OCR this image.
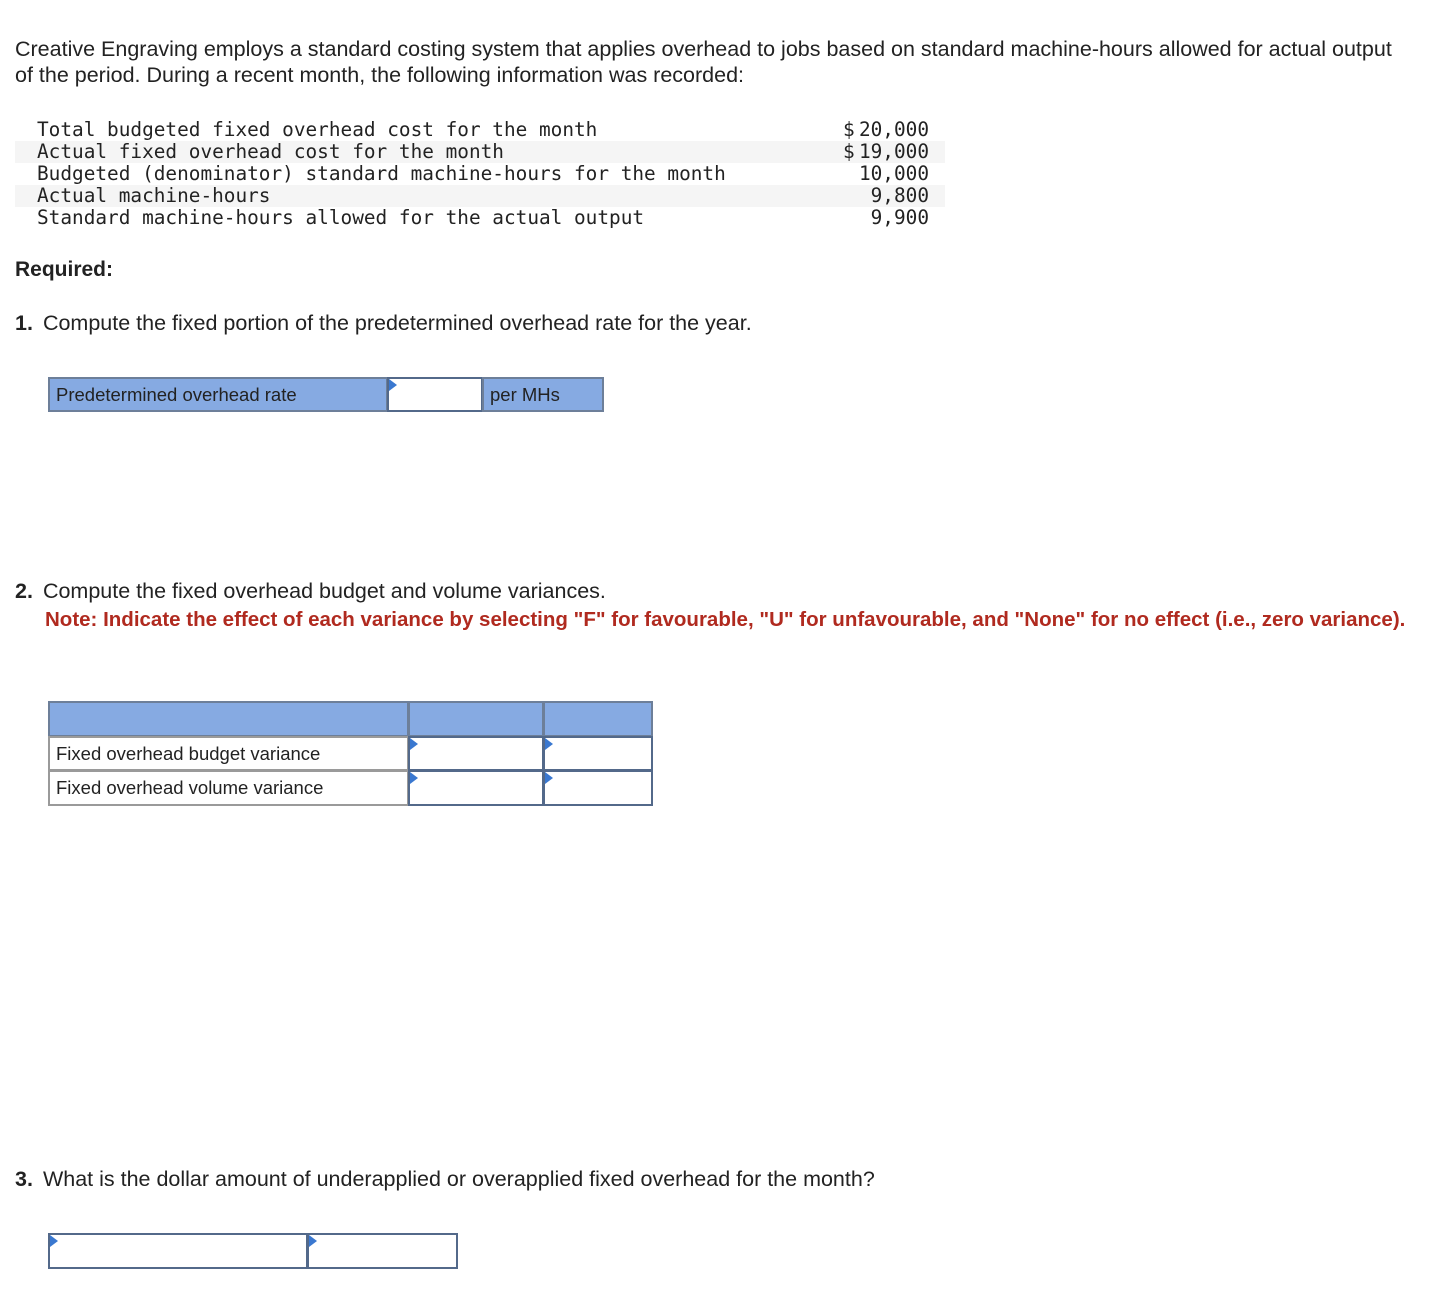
Creative Engraving employs a standard costing system that applies overhead to jobs based on standard machine-hours allowed for actual output of the period. During a recent month, the following information was recorded:

Total budgeted fixed overhead cost for the month	$ 20,000
Actual fixed overhead cost for the month	$ 19,000
Budgeted (denominator) standard machine-hours for the month	10,000
Actual machine-hours	9,800
Standard machine-hours allowed for the actual output	9,900

Required:

1. Compute the fixed portion of the predetermined overhead rate for the year.

Predetermined overhead rate	per MHs

2. Compute the fixed overhead budget and volume variances.

Note: Indicate the effect of each variance by selecting "F" for favourable, "U" for unfavourable, and "None" for no effect (i.e., zero variance).

Fixed overhead budget variance
Fixed overhead volume variance

3. What is the dollar amount of underapplied or overapplied fixed overhead for the month?
